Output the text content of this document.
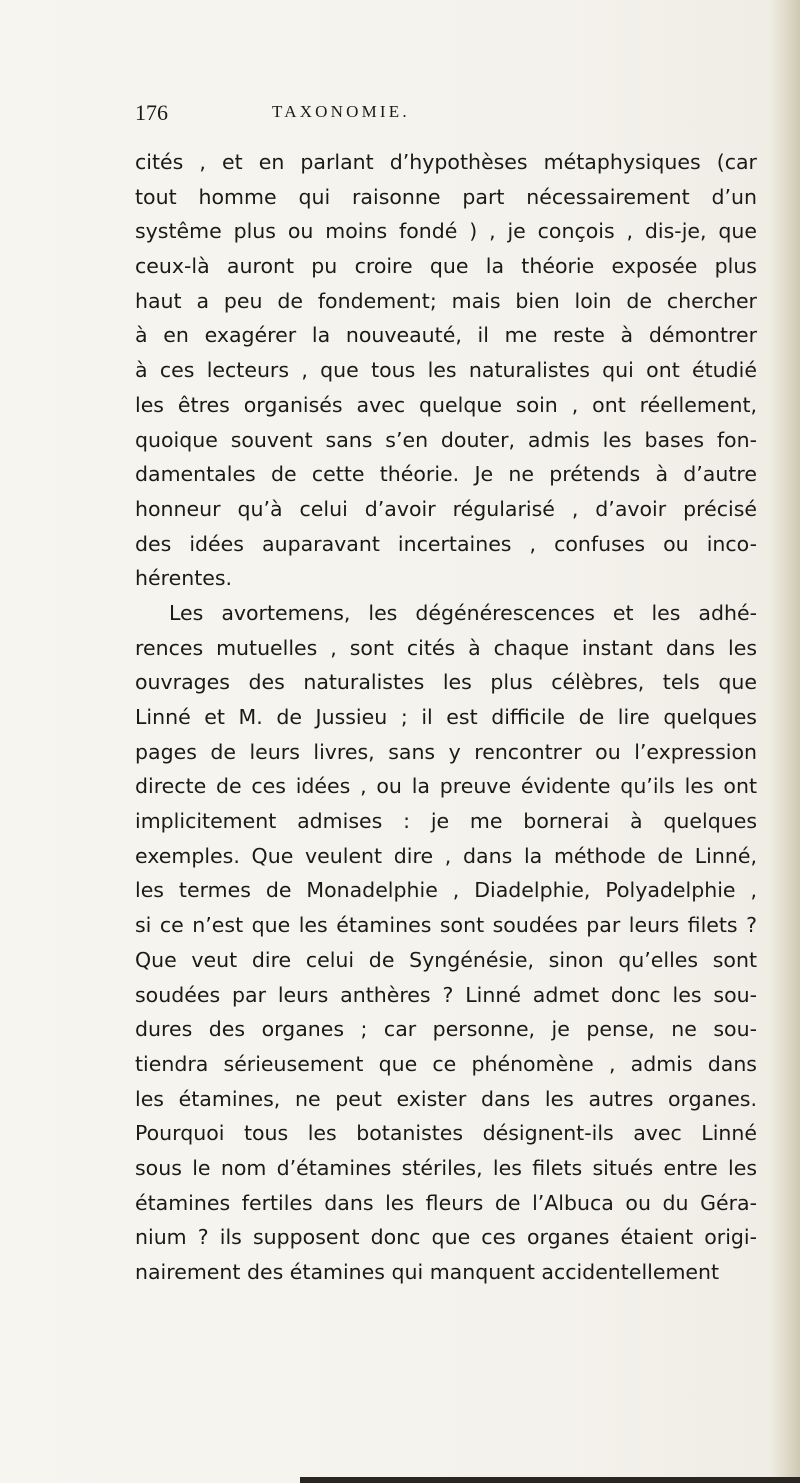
176	TAXONOMIE.
cités , et en parlant d’hypothèses métaphysiques (car
tout homme qui raisonne part nécessairement d’un
systême plus ou moins fondé ) , je conçois , dis-je, que
ceux-là auront pu croire que la théorie exposée plus
haut a peu de fondement; mais bien loin de chercher
à en exagérer la nouveauté, il me reste à démontrer
à ces lecteurs , que tous les naturalistes qui ont étudié
les êtres organisés avec quelque soin , ont réellement,
quoique souvent sans s’en douter, admis les bases fon-
damentales de cette théorie. Je ne prétends à d’autre
honneur qu’à celui d’avoir régularisé , d’avoir précisé
des idées auparavant incertaines , confuses ou inco-
hérentes.
Les avortemens, les dégénérescences et les adhé-
rences mutuelles , sont cités à chaque instant dans les
ouvrages des naturalistes les plus célèbres, tels que
Linné et M. de Jussieu ; il est difficile de lire quelques
pages de leurs livres, sans y rencontrer ou l’expression
directe de ces idées , ou la preuve évidente qu’ils les ont
implicitement admises : je me bornerai à quelques
exemples. Que veulent dire , dans la méthode de Linné,
les termes de Monadelphie , Diadelphie, Polyadelphie ,
si ce n’est que les étamines sont soudées par leurs filets ?
Que veut dire celui de Syngénésie, sinon qu’elles sont
soudées par leurs anthères ? Linné admet donc les sou-
dures des organes ; car personne, je pense, ne sou-
tiendra sérieusement que ce phénomène , admis dans
les étamines, ne peut exister dans les autres organes.
Pourquoi tous les botanistes désignent-ils avec Linné
sous le nom d’étamines stériles, les filets situés entre les
étamines fertiles dans les fleurs de l’Albuca ou du Géra-
nium ? ils supposent donc que ces organes étaient origi-
nairement des étamines qui manquent accidentellement
